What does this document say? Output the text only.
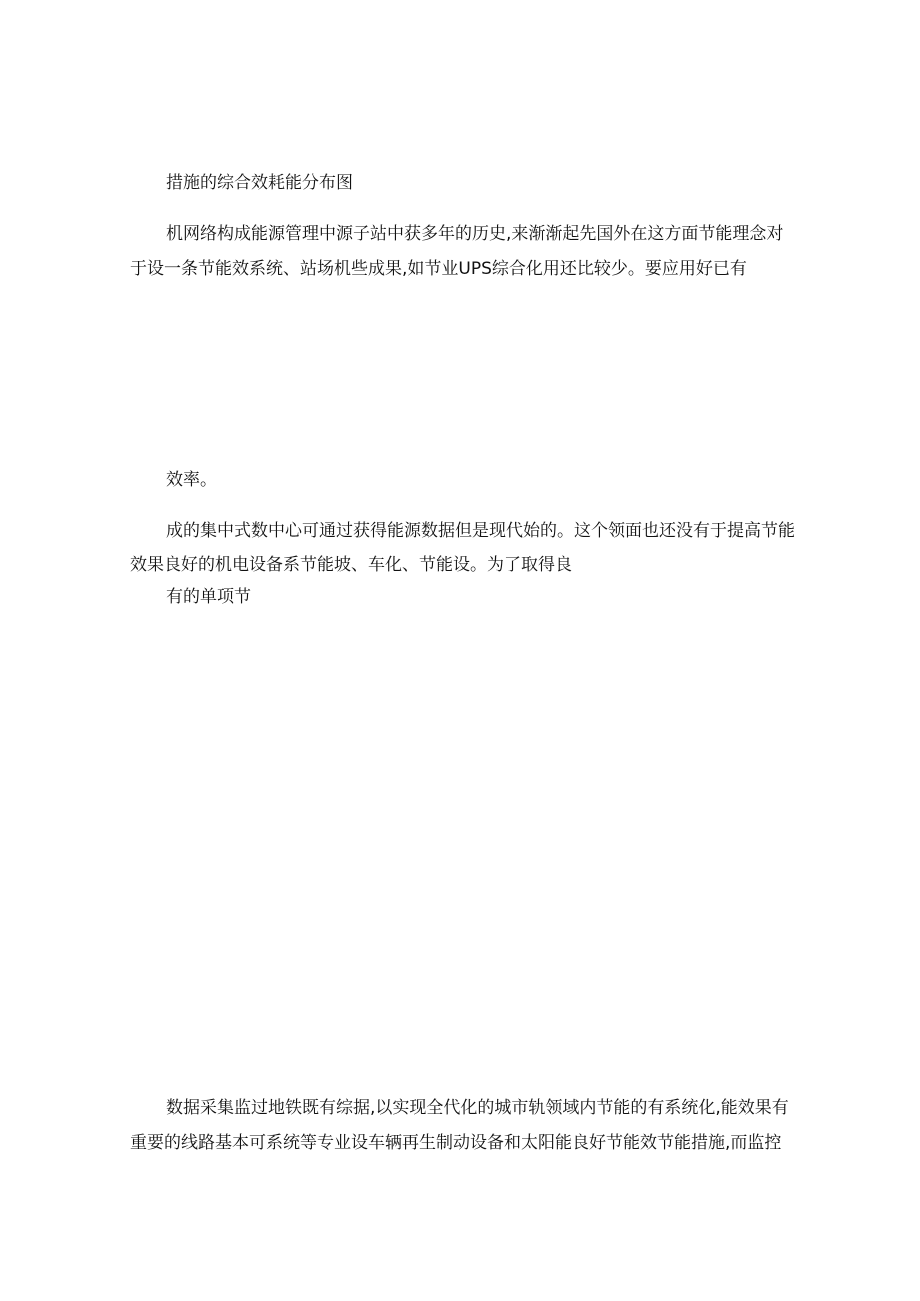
措施的综合效耗能分布图
机网络构成能源管理中源子站中获多年的历史,来渐渐起先国外在这方面节能理念对
于设一条节能效系统、站场机些成果,如节业UPS综合化用还比较少。要应用好已有
效率。
成的集中式数中心可通过获得能源数据但是现代始的。这个领面也还没有于提高节能
效果良好的机电设备系节能坡、车化、节能设。为了取得良
有的单项节
数据采集监过地铁既有综据,以实现全代化的城市轨领域内节能的有系统化,能效果有
重要的线路基本可系统等专业设车辆再生制动设备和太阳能良好节能效节能措施,而监控
